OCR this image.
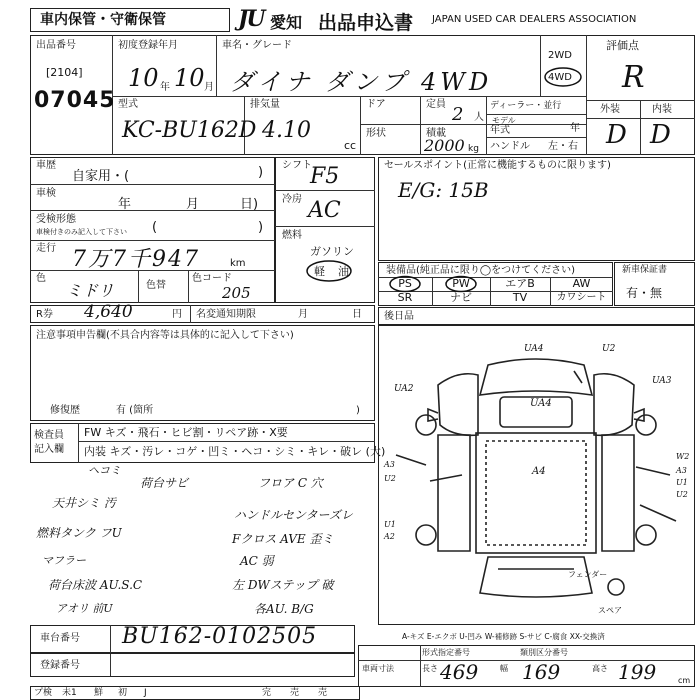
車内保管・守衛保管	JU 愛知 出品申込書 JAPAN USED CAR DEALERS ASSOCIATION
出品番号
[2104]
07045
初度登録年月
10 年 10 月
車名・グレード
ダイナ ダンプ 4WD
2WD
4WD
評価点
R
外装	内装
D D
型式
KC-BU162D
排気量
4.10
cc
ドア
形状
定員 2 人
積載
2000 kg
ディーラー・並行
モデル
年式	年
ハンドル 左・右
車歴
自家用・(	)
車検
年	月	日)
受検形態
車検付きのみ記入して下さい (	)
走行 7万7千947	km
色
ミドリ	色替
色コード
205
シフト
F5
冷房 AC
燃料
ガソリン
軽 油
セールスポイント(正常に機能するものに限ります)
E/G: 15B
装備品(純正品に限り◯をつけてください)
PS	PW	エアB	AW
SR	ナビ	TV	カワシート
新車保証書
有・無
R券 4,640	円 名変通知期限	月	日 後日品
注意事項申告欄(不具合内容等は具体的に記入して下さい)
修復歴	有 (箇所	)
検査員
記入欄
FW キズ・飛石・ヒビ割・リペア跡・X要
内装 キズ・汚レ・コゲ・凹ミ・ヘコ・シミ・キレ・破レ (大)
ヘコミ
荷台サビ	フロア C 穴
天井シミ 汚
ハンドルセンターズレ
燃料タンク フU	Fクロス AVE 歪ミ
マフラー	AC 弱
荷台床波 AU.S.C	左 DWステップ 破
アオリ 前U	各AU. B/G
UA4	U2
UA2
UA3
UA4
A4
A3
U2
U1
A2
W2
A3
U1
U2
フェンダー
スペア
A-キズ E-エクボ U-凹み W-補修跡 S-サビ C-腐食 XX-交換済
車台番号 BU162-0102505
登録番号
形式指定番号	類別区分番号
車両寸法	長さ 469	幅 169	高さ 199	cm
プ検 未1 鮮 初 J	完 売 売
